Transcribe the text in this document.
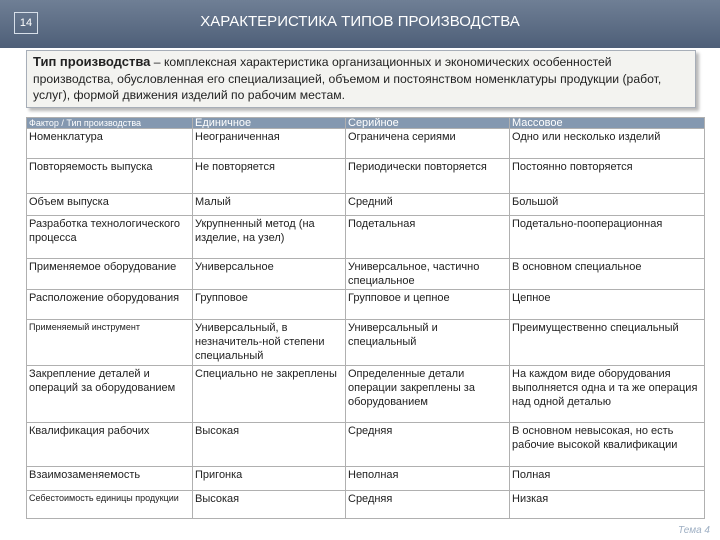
14	ХАРАКТЕРИСТИКА ТИПОВ ПРОИЗВОДСТВА
Тип производства – комплексная характеристика организационных и экономических особенностей производства, обусловленная его специализацией, объемом и постоянством номенклатуры продукции (работ, услуг), формой движения изделий по рабочим местам.
Фактор / Тип производства	Единичное	Серийное	Массовое
Номенклатура	Неограниченная	Ограничена сериями	Одно или несколько изделий
Повторяемость выпуска	Не повторяется	Периодически повторяется	Постоянно повторяется
Объем выпуска	Малый	Средний	Большой
Разработка технологического процесса	Укрупненный метод (на изделие, на узел)	Подетальная	Подетально-пооперационная
Применяемое оборудование	Универсальное	Универсальное, частично специальное	В основном специальное
Расположение оборудования	Групповое	Групповое и цепное	Цепное
Применяемый инструмент	Универсальный, в незначитель-ной степени специальный	Универсальный и специальный	Преимущественно специальный
Закрепление деталей и операций за оборудованием	Специально не закреплены	Определенные детали операции закреплены за оборудованием	На каждом виде оборудования выполняется одна и та же операция над одной деталью
Квалификация рабочих	Высокая	Средняя	В основном невысокая, но есть рабочие высокой квалификации
Взаимозаменяемость	Пригонка	Неполная	Полная
Себестоимость единицы продукции	Высокая	Средняя	Низкая
Тема 4
